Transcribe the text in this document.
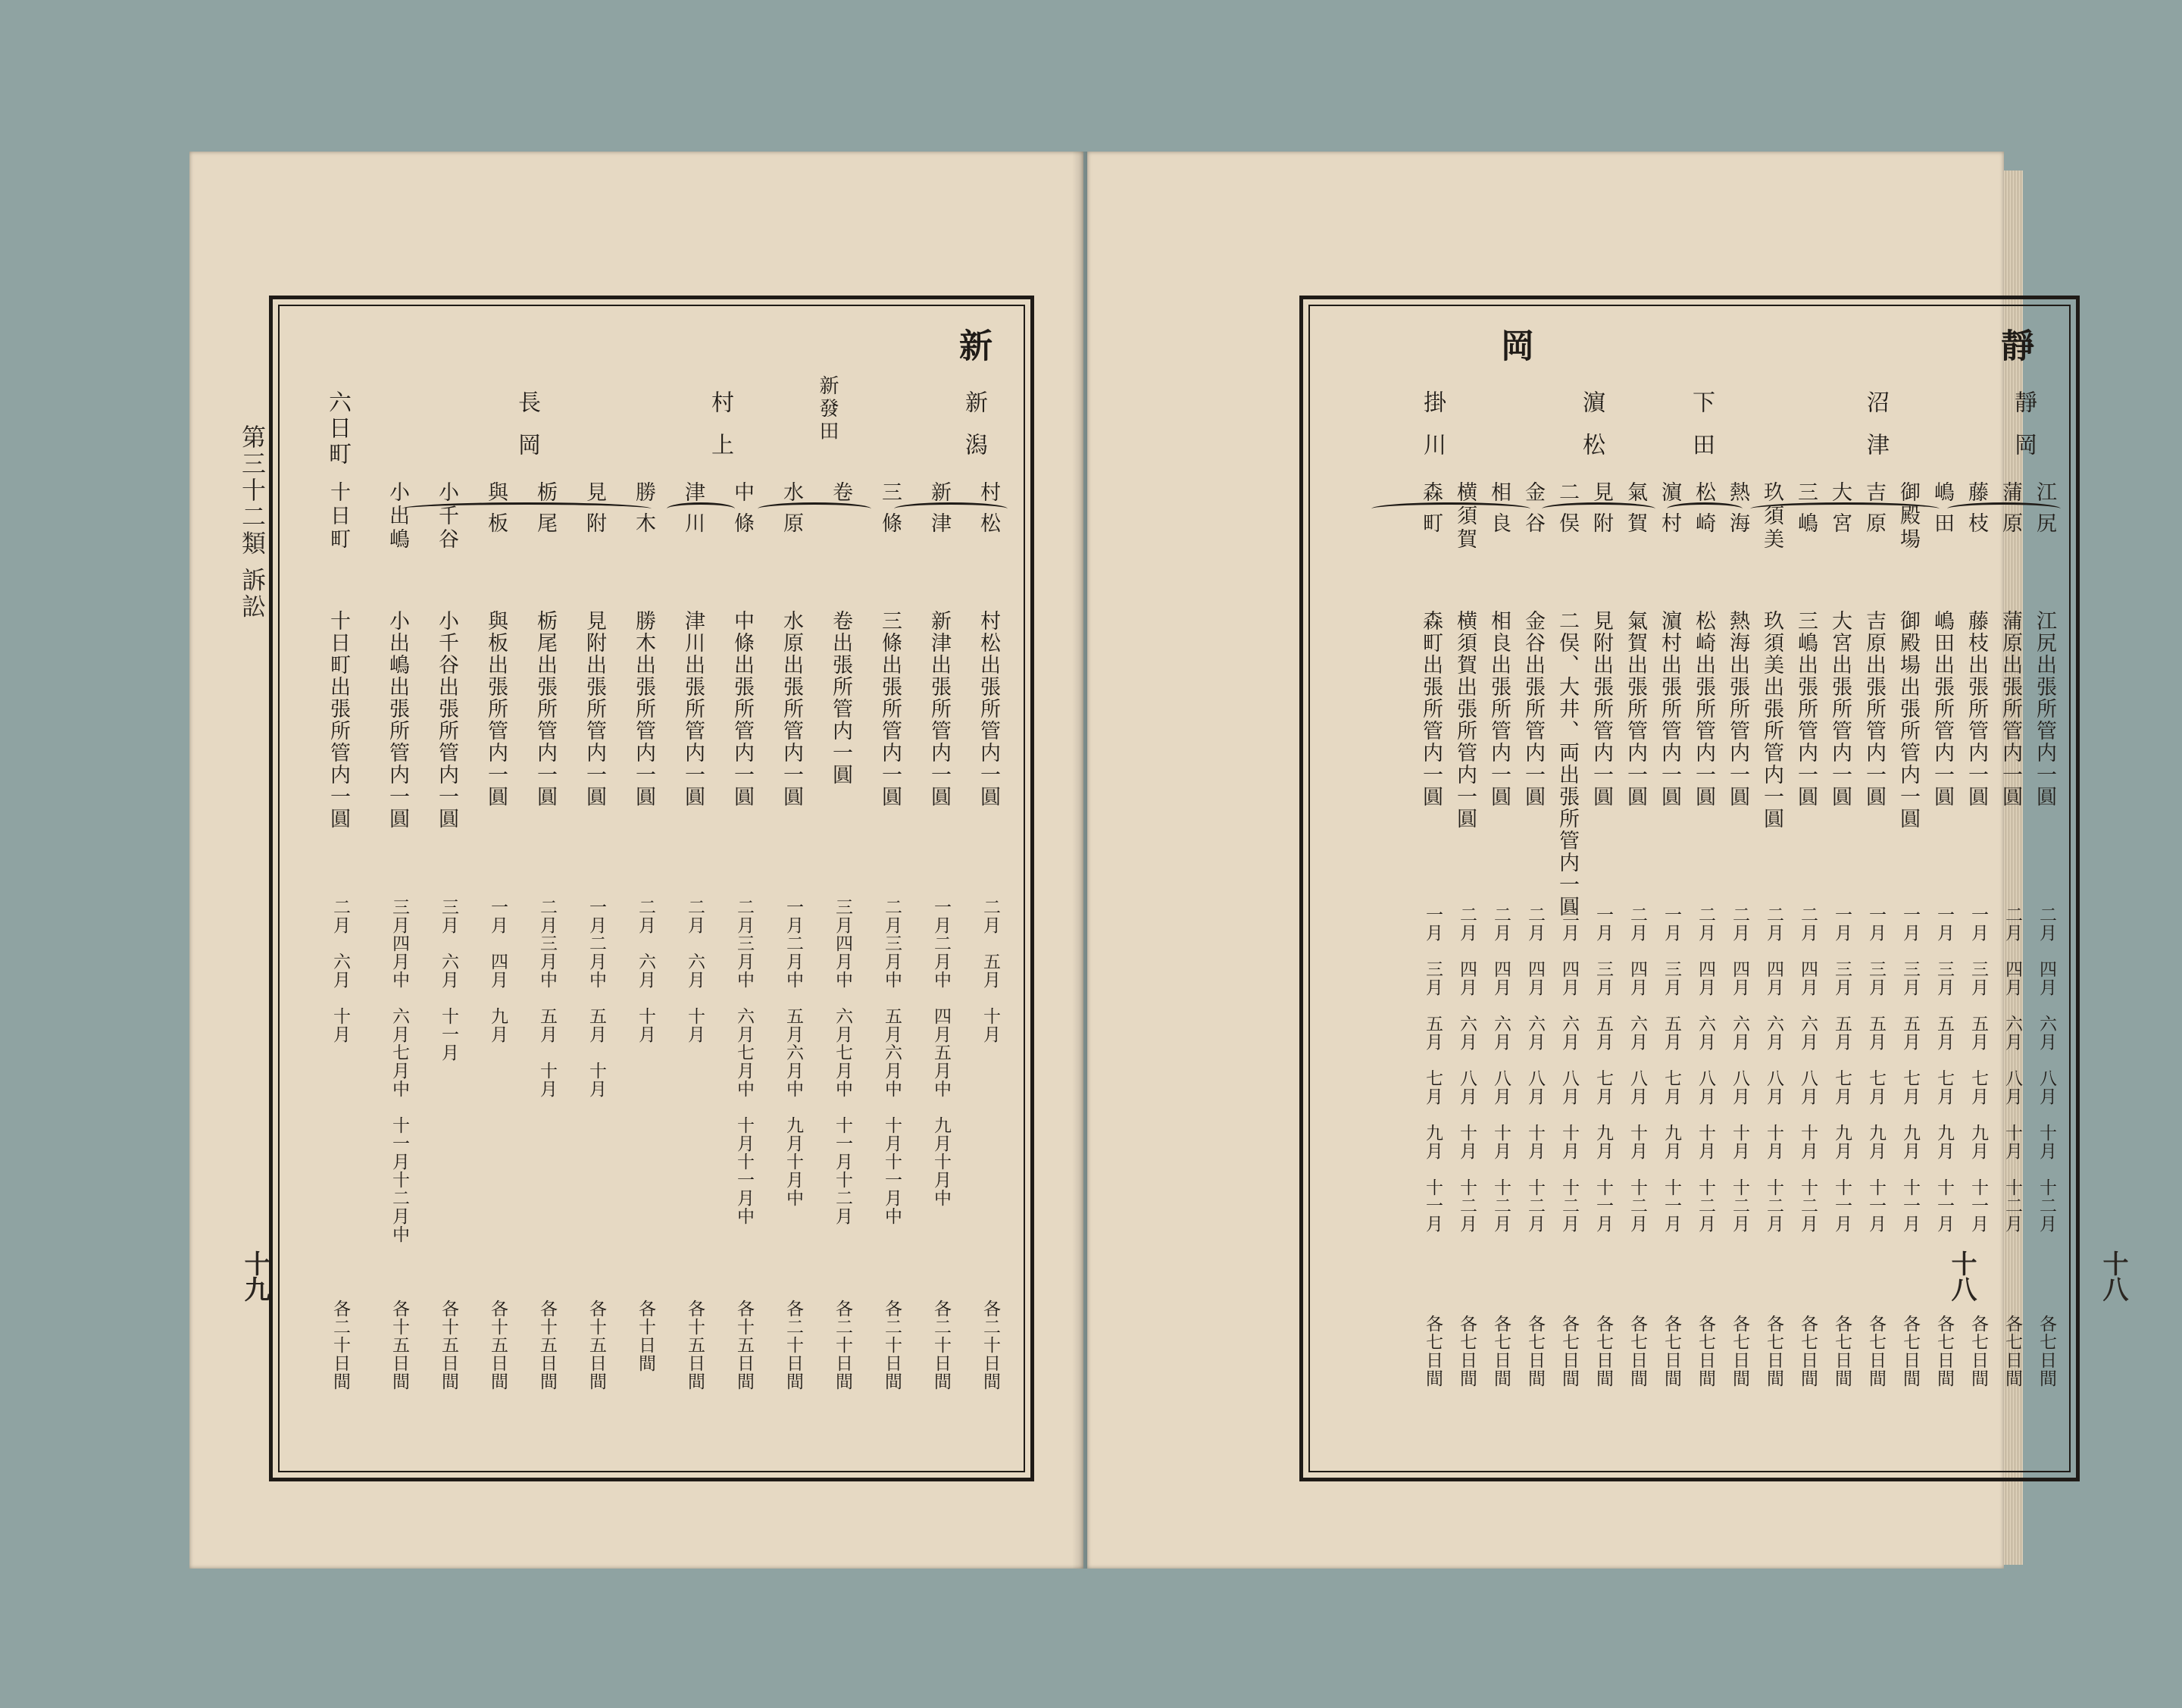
第三十二類 訴訟
十九
新
新潟
新發田
村上
長岡
六日町
村松
村松出張所管内一圓
二月　五月　十月
各二十日間
新津
新津出張所管内一圓
一月二月中　四月五月中　九月十月中
各二十日間
三條
三條出張所管内一圓
二月三月中　五月六月中　十月十一月中
各二十日間
卷
卷出張所管内一圓
三月四月中　六月七月中　十一月十二月
各二十日間
水原
水原出張所管内一圓
一月二月中　五月六月中　九月十月中
各二十日間
中條
中條出張所管内一圓
二月三月中　六月七月中　十月十一月中
各十五日間
津川
津川出張所管内一圓
二月　六月　十月
各十五日間
勝木
勝木出張所管内一圓
二月　六月　十月
各十日間
見附
見附出張所管内一圓
一月二月中　五月　十月
各十五日間
栃尾
栃尾出張所管内一圓
二月三月中　五月　十月
各十五日間
與板
與板出張所管内一圓
一月　四月　九月
各十五日間
小千谷
小千谷出張所管内一圓
三月　六月　十一月
各十五日間
小出嶋
小出嶋出張所管内一圓
三月四月中　六月七月中　十一月十二月中
各十五日間
十日町
十日町出張所管内一圓
二月　六月　十月
各二十日間
十八
十八
靜
岡
靜岡
沼津
下田
濵松
掛川
江尻
江尻出張所管内一圓
二月　四月　六月　八月　十月　十二月
各七日間
蒲原
蒲原出張所管内一圓
二月　四月　六月　八月　十月　十二月
各七日間
藤枝
藤枝出張所管内一圓
一月　三月　五月　七月　九月　十一月
各七日間
嶋田
嶋田出張所管内一圓
一月　三月　五月　七月　九月　十一月
各七日間
御殿場
御殿場出張所管内一圓
一月　三月　五月　七月　九月　十一月
各七日間
吉原
吉原出張所管内一圓
一月　三月　五月　七月　九月　十一月
各七日間
大宮
大宮出張所管内一圓
一月　三月　五月　七月　九月　十一月
各七日間
三嶋
三嶋出張所管内一圓
二月　四月　六月　八月　十月　十二月
各七日間
玖須美
玖須美出張所管内一圓
二月　四月　六月　八月　十月　十二月
各七日間
熱海
熱海出張所管内一圓
二月　四月　六月　八月　十月　十二月
各七日間
松崎
松崎出張所管内一圓
二月　四月　六月　八月　十月　十二月
各七日間
濵村
濵村出張所管内一圓
一月　三月　五月　七月　九月　十一月
各七日間
氣賀
氣賀出張所管内一圓
二月　四月　六月　八月　十月　十二月
各七日間
見附
見附出張所管内一圓
一月　三月　五月　七月　九月　十一月
各七日間
二俣
二俣、大井、両出張所管内一圓
二月　四月　六月　八月　十月　十二月
各七日間
金谷
金谷出張所管内一圓
二月　四月　六月　八月　十月　十二月
各七日間
相良
相良出張所管内一圓
二月　四月　六月　八月　十月　十二月
各七日間
横須賀
横須賀出張所管内一圓
二月　四月　六月　八月　十月　十二月
各七日間
森町
森町出張所管内一圓
一月　三月　五月　七月　九月　十一月
各七日間
